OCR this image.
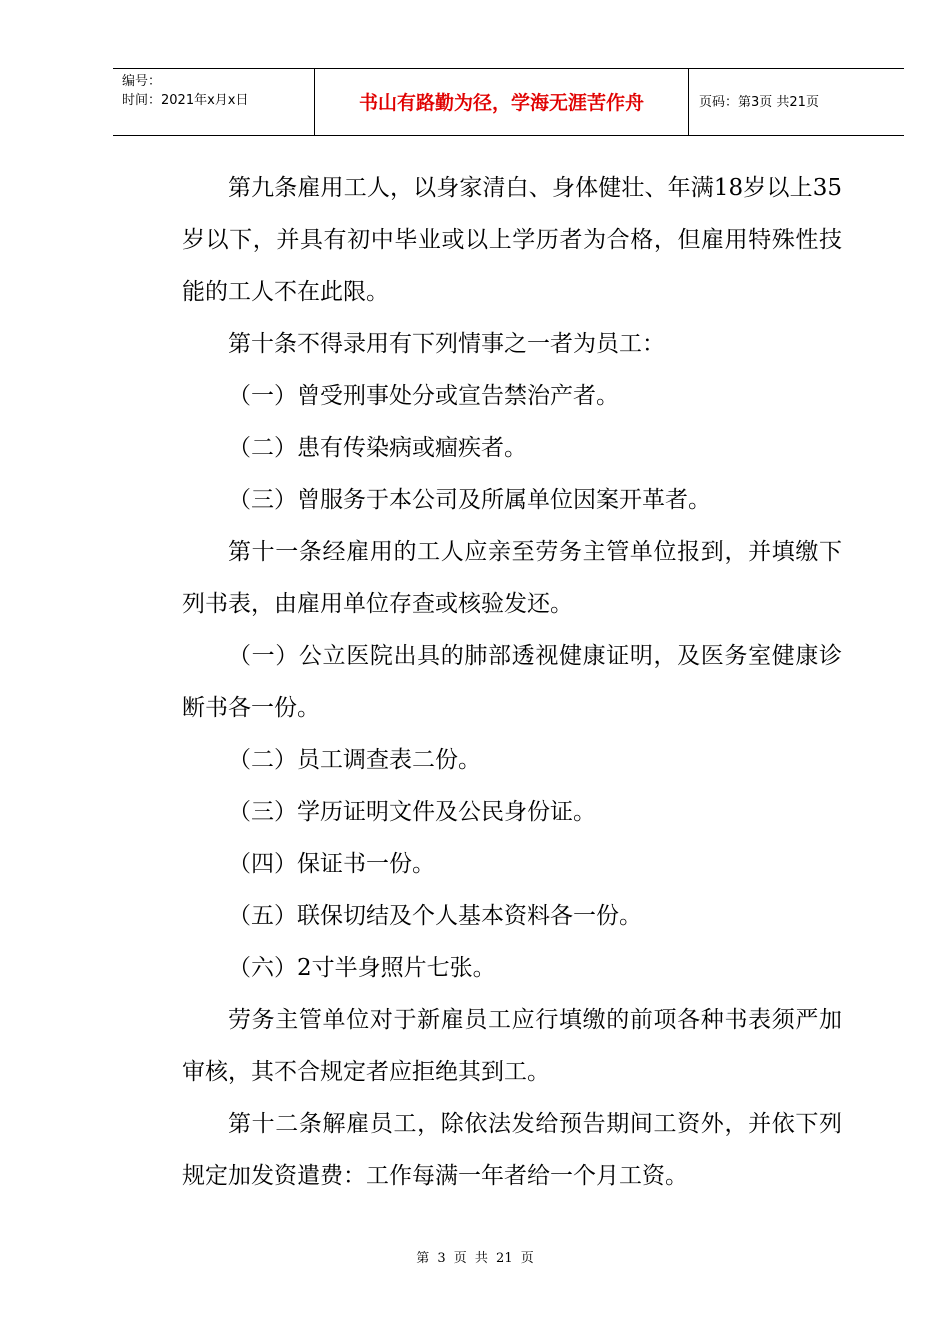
编号：
时间：2021年x月x日	书山有路勤为径，学海无涯苦作舟	页码：第3页 共21页

第九条雇用工人，以身家清白、身体健壮、年满18岁以上35岁以下，并具有初中毕业或以上学历者为合格，但雇用特殊性技能的工人不在此限。

第十条不得录用有下列情事之一者为员工：

（一）曾受刑事处分或宣告禁治产者。

（二）患有传染病或痼疾者。

（三）曾服务于本公司及所属单位因案开革者。

第十一条经雇用的工人应亲至劳务主管单位报到，并填缴下列书表，由雇用单位存查或核验发还。

（一）公立医院出具的肺部透视健康证明，及医务室健康诊断书各一份。

（二）员工调查表二份。

（三）学历证明文件及公民身份证。

（四）保证书一份。

（五）联保切结及个人基本资料各一份。

（六）2寸半身照片七张。

劳务主管单位对于新雇员工应行填缴的前项各种书表须严加审核，其不合规定者应拒绝其到工。

第十二条解雇员工，除依法发给预告期间工资外，并依下列规定加发资遣费：工作每满一年者给一个月工资。

第 3 页 共 21 页
